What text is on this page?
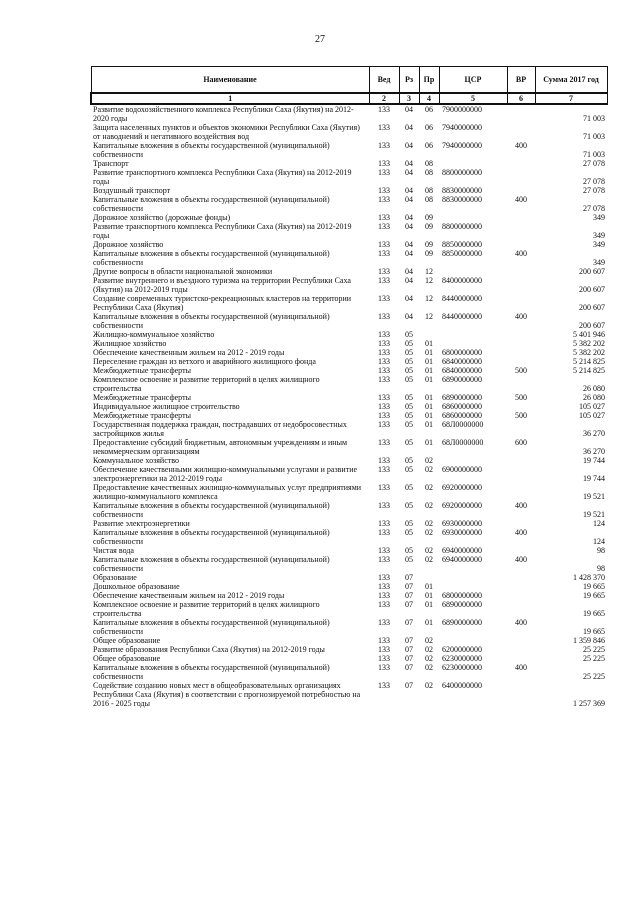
27
Наименование	Вед	Рз	Пр	ЦСР	ВР	Сумма 2017 год
1	2	3	4	5	6	7
Развитие водохозяйственного комплекса Республики Саха (Якутия) на 2012-2020 годы	133	04	06	7900000000		71 003
Защита населенных пунктов и объектов экономики Республики Саха (Якутия) от наводнений и негативного воздействия вод	133	04	06	7940000000		71 003
Капитальные вложения в объекты государственной (муниципальной) собственности	133	04	06	7940000000	400	71 003
Транспорт	133	04	08			27 078
Развитие транспортного комплекса Республики Саха (Якутия) на 2012-2019 годы	133	04	08	8800000000		27 078
Воздушный транспорт	133	04	08	8830000000		27 078
Капитальные вложения в объекты государственной (муниципальной) собственности	133	04	08	8830000000	400	27 078
Дорожное хозяйство (дорожные фонды)	133	04	09			349
Развитие транспортного комплекса Республики Саха (Якутия) на 2012-2019 годы	133	04	09	8800000000		349
Дорожное хозяйство	133	04	09	8850000000		349
Капитальные вложения в объекты государственной (муниципальной) собственности	133	04	09	8850000000	400	349
Другие вопросы в области национальной экономики	133	04	12			200 607
Развитие внутреннего и въездного туризма на территории Республики Саха (Якутия) на 2012-2019 годы	133	04	12	8400000000		200 607
Создание современных туристско-рекреационных кластеров на территории Республики Саха (Якутия)	133	04	12	8440000000		200 607
Капитальные вложения в объекты государственной (муниципальной) собственности	133	04	12	8440000000	400	200 607
Жилищно-коммунальное хозяйство	133	05				5 401 946
Жилищное хозяйство	133	05	01			5 382 202
Обеспечение качественным жильем на 2012 - 2019 годы	133	05	01	6800000000		5 382 202
Переселение граждан из ветхого и аварийного жилищного фонда	133	05	01	6840000000		5 214 825
Межбюджетные трансферты	133	05	01	6840000000	500	5 214 825
Комплексное освоение и развитие территорий в целях жилищного строительства	133	05	01	6890000000		26 080
Межбюджетные трансферты	133	05	01	6890000000	500	26 080
Индивидуальное жилищное строительство	133	05	01	6860000000		105 027
Межбюджетные трансферты	133	05	01	6860000000	500	105 027
Государственная поддержка граждан, пострадавших от недобросовестных застройщиков жилья	133	05	01	68Л0000000		36 270
Предоставление субсидий бюджетным, автономным учреждениям и иным некоммерческим организациям	133	05	01	68Л0000000	600	36 270
Коммунальное хозяйство	133	05	02			19 744
Обеспечение качественными жилищно-коммунальными услугами и развитие электроэнергетики на 2012-2019 годы	133	05	02	6900000000		19 744
Предоставление качественных жилищно-коммунальных услуг предприятиями жилищно-коммунального комплекса	133	05	02	6920000000		19 521
Капитальные вложения в объекты государственной (муниципальной) собственности	133	05	02	6920000000	400	19 521
Развитие электроэнергетики	133	05	02	6930000000		124
Капитальные вложения в объекты государственной (муниципальной) собственности	133	05	02	6930000000	400	124
Чистая вода	133	05	02	6940000000		98
Капитальные вложения в объекты государственной (муниципальной) собственности	133	05	02	6940000000	400	98
Образование	133	07				1 428 370
Дошкольное образование	133	07	01			19 665
Обеспечение качественным жильем на 2012 - 2019 годы	133	07	01	6800000000		19 665
Комплексное освоение и развитие территорий в целях жилищного строительства	133	07	01	6890000000		19 665
Капитальные вложения в объекты государственной (муниципальной) собственности	133	07	01	6890000000	400	19 665
Общее образование	133	07	02			1 359 846
Развитие образования Республики Саха (Якутия) на 2012-2019 годы	133	07	02	6200000000		25 225
Общее образование	133	07	02	6230000000		25 225
Капитальные вложения в объекты государственной (муниципальной) собственности	133	07	02	6230000000	400	25 225
Содействие созданию новых мест в общеобразовательных организациях Республики Саха (Якутия) в соответствии с прогнозируемой потребностью на 2016 - 2025 годы	133	07	02	6400000000		1 257 369
